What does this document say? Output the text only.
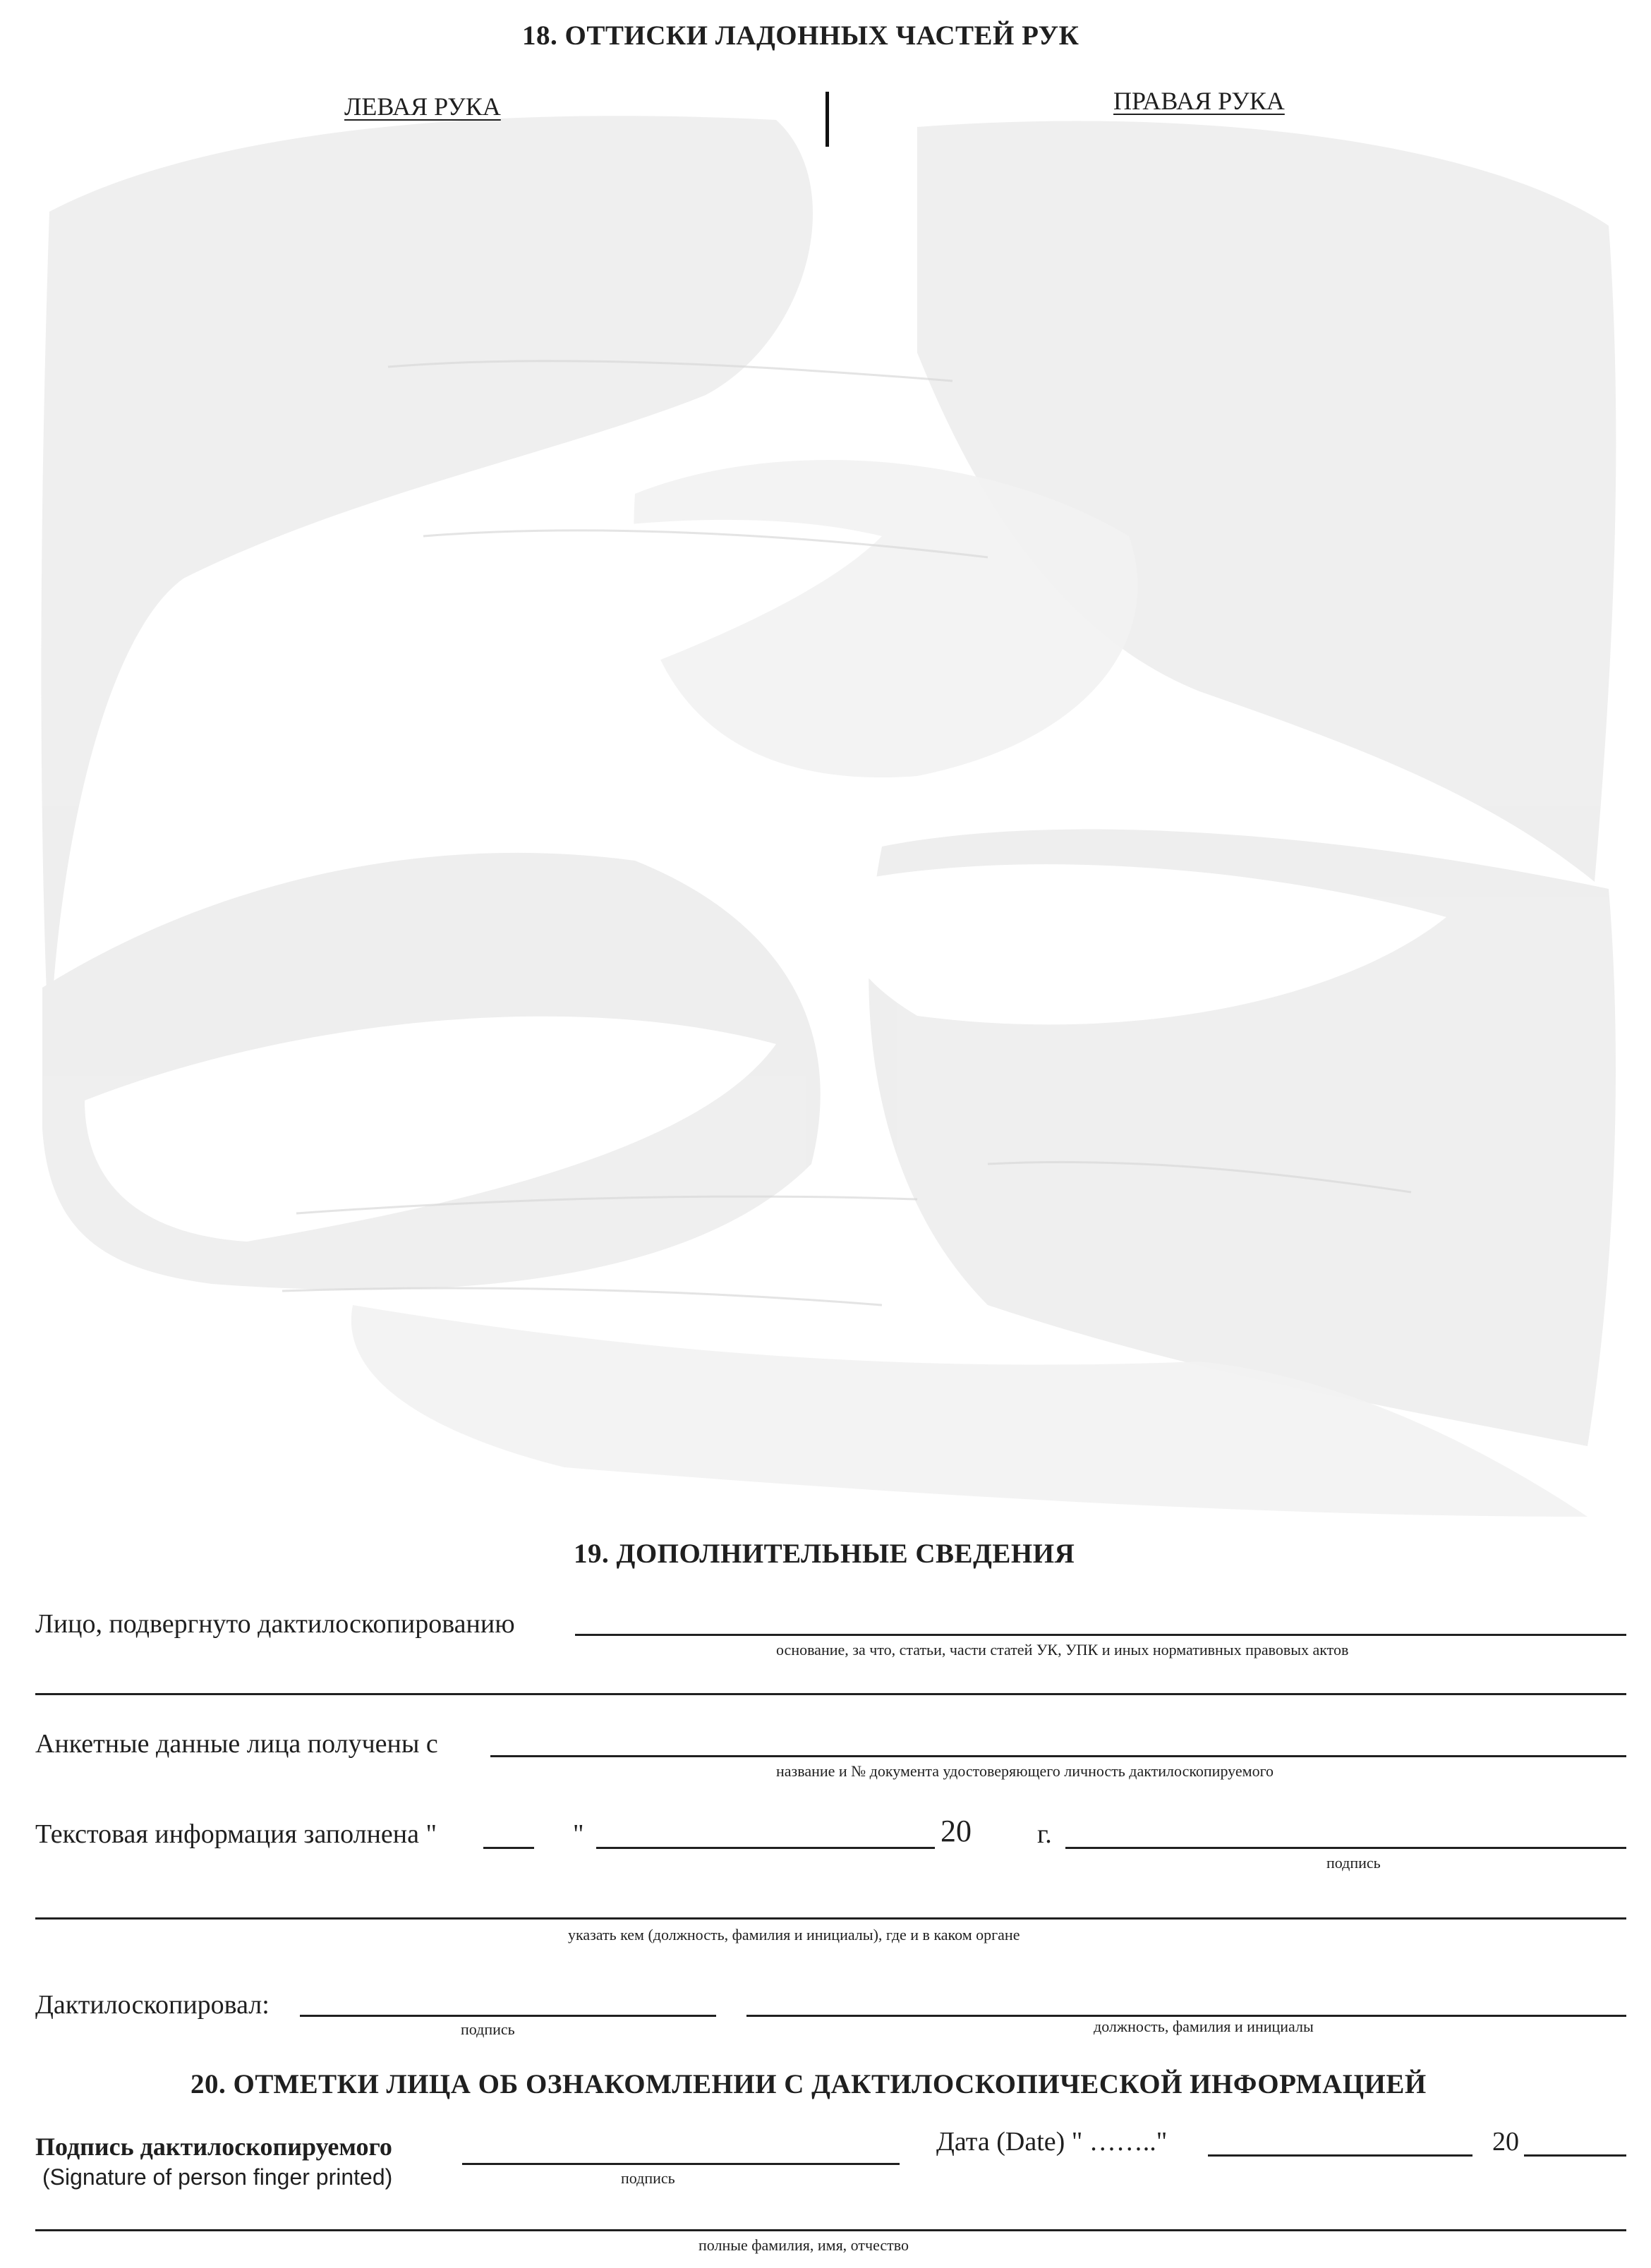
18. ОТТИСКИ ЛАДОННЫХ ЧАСТЕЙ РУК
ЛЕВАЯ РУКА	ПРАВАЯ РУКА
19. ДОПОЛНИТЕЛЬНЫЕ СВЕДЕНИЯ
Лицо, подвергнуто дактилоскопированию
основание, за что, статьи, части статей УК, УПК и иных нормативных правовых актов
Анкетные данные лица получены с
название и № документа удостоверяющего личность дактилоскопируемого
Текстовая информация заполнена "	"	20 г.
подпись
указать кем (должность, фамилия и инициалы), где и в каком органе
Дактилоскопировал:
подпись	должность, фамилия и инициалы
20. ОТМЕТКИ ЛИЦА ОБ ОЗНАКОМЛЕНИИ С ДАКТИЛОСКОПИЧЕСКОЙ ИНФОРМАЦИЕЙ
Подпись дактилоскопируемого
подпись
(Signature of person finger printed)
Дата (Date) " …….."	20
полные фамилия, имя, отчество
